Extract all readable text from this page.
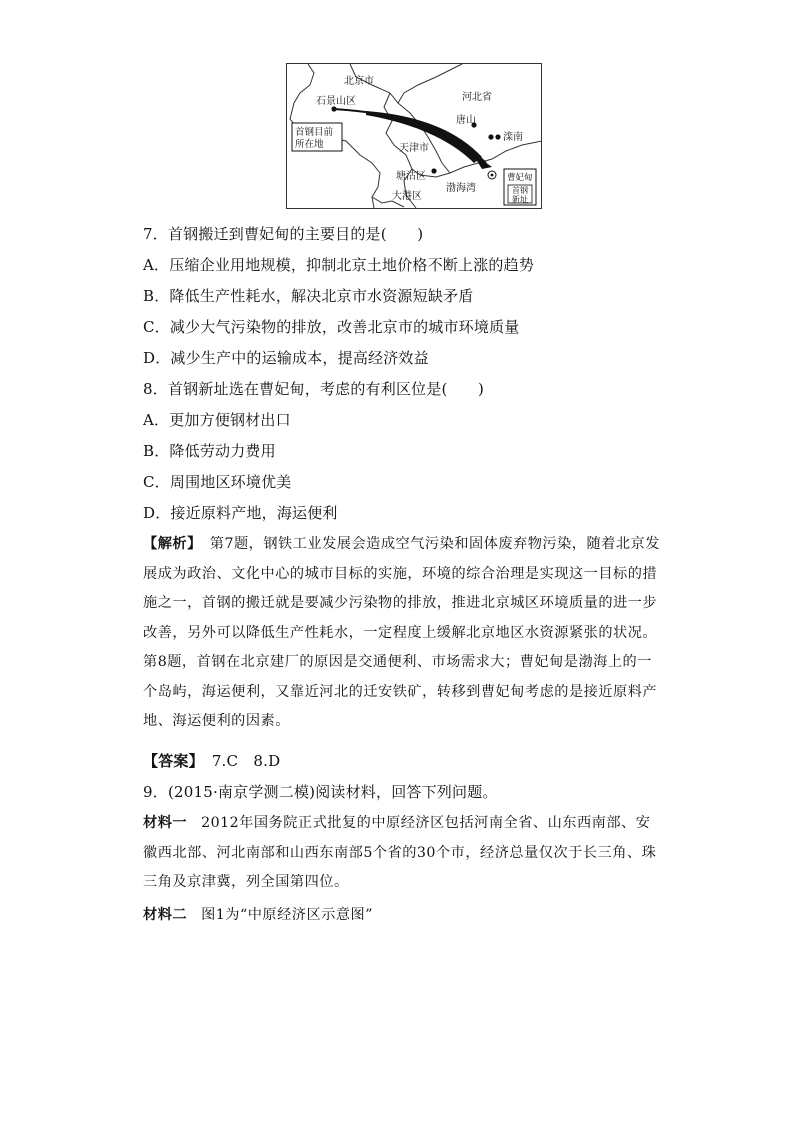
北京市
石景山区
首钢目前
所在地
河北省
唐山
滦南
天津市
塘沽区
大港区
渤海湾
曹妃甸
首钢
新址
7．首钢搬迁到曹妃甸的主要目的是(　　)
A．压缩企业用地规模，抑制北京土地价格不断上涨的趋势
B．降低生产性耗水，解决北京市水资源短缺矛盾
C．减少大气污染物的排放，改善北京市的城市环境质量
D．减少生产中的运输成本，提高经济效益
8．首钢新址选在曹妃甸，考虑的有利区位是(　　)
A．更加方便钢材出口
B．降低劳动力费用
C．周围地区环境优美
D．接近原料产地，海运便利
【解析】 第7题，钢铁工业发展会造成空气污染和固体废弃物污染，随着北京发展成为政治、文化中心的城市目标的实施，环境的综合治理是实现这一目标的措施之一，首钢的搬迁就是要减少污染物的排放，推进北京城区环境质量的进一步改善，另外可以降低生产性耗水，一定程度上缓解北京地区水资源紧张的状况。第8题，首钢在北京建厂的原因是交通便利、市场需求大；曹妃甸是渤海上的一个岛屿，海运便利，又靠近河北的迁安铁矿，转移到曹妃甸考虑的是接近原料产地、海运便利的因素。
【答案】 7.C　8.D
9．(2015·南京学测二模)阅读材料，回答下列问题。
材料一 2012年国务院正式批复的中原经济区包括河南全省、山东西南部、安徽西北部、河北南部和山西东南部5个省的30个市，经济总量仅次于长三角、珠三角及京津冀，列全国第四位。
材料二 图1为“中原经济区示意图”
